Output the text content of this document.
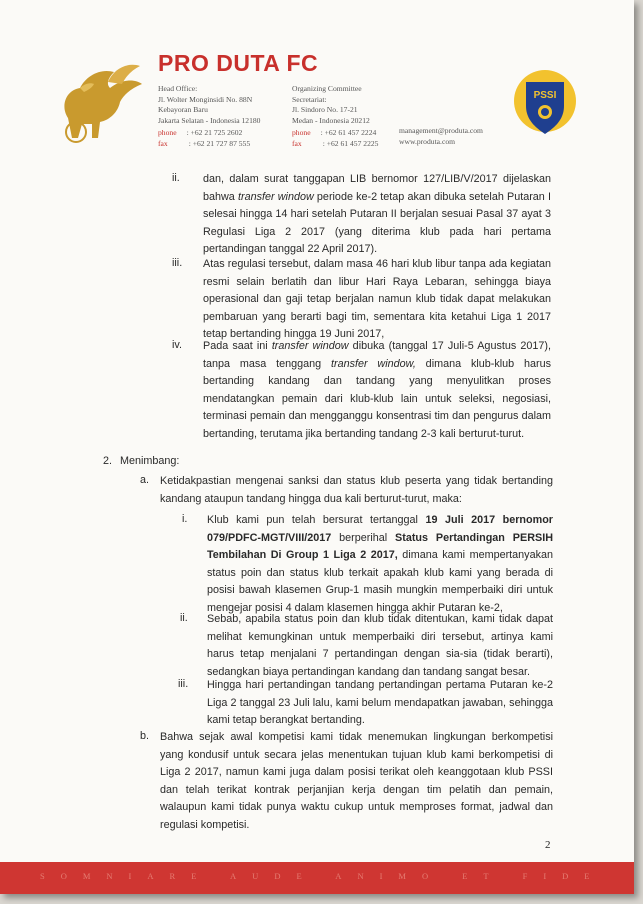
PRO DUTA FC
Head Office:
Jl. Wolter Monginsidi No. 88N
Kebayoran Baru
Jakarta Selatan - Indonesia 12180
phone : +62 21 725 2602
fax	: +62 21 727 87 555
Organizing Committee
Secretariat:
Jl. Sindoro No. 17-21
Medan - Indonesia 20212
phone : +62 61 457 2224
fax	: +62 61 457 2225
management@produta.com
www.produta.com
PSSI
ii. dan, dalam surat tanggapan LIB bernomor 127/LIB/V/2017 dijelaskan bahwa transfer window periode ke-2 tetap akan dibuka setelah Putaran I selesai hingga 14 hari setelah Putaran II berjalan sesuai Pasal 37 ayat 3 Regulasi Liga 2 2017 (yang diterima klub pada hari pertama pertandingan tanggal 22 April 2017).
iii. Atas regulasi tersebut, dalam masa 46 hari klub libur tanpa ada kegiatan resmi selain berlatih dan libur Hari Raya Lebaran, sehingga biaya operasional dan gaji tetap berjalan namun klub tidak dapat melakukan pembaruan yang berarti bagi tim, sementara kita ketahui Liga 1 2017 tetap bertanding hingga 19 Juni 2017,
iv. Pada saat ini transfer window dibuka (tanggal 17 Juli-5 Agustus 2017), tanpa masa tenggang transfer window, dimana klub-klub harus bertanding kandang dan tandang yang menyulitkan proses mendatangkan pemain dari klub-klub lain untuk seleksi, negosiasi, terminasi pemain dan mengganggu konsentrasi tim dan pengurus dalam bertanding, terutama jika bertanding tandang 2-3 kali berturut-turut.
2. Menimbang:
a. Ketidakpastian mengenai sanksi dan status klub peserta yang tidak bertanding kandang ataupun tandang hingga dua kali berturut-turut, maka:
i. Klub kami pun telah bersurat tertanggal 19 Juli 2017 bernomor 079/PDFC-MGT/VIII/2017 berperihal Status Pertandingan PERSIH Tembilahan Di Group 1 Liga 2 2017, dimana kami mempertanyakan status poin dan status klub terkait apakah klub kami yang berada di posisi bawah klasemen Grup-1 masih mungkin memperbaiki diri untuk mengejar posisi 4 dalam klasemen hingga akhir Putaran ke-2,
ii. Sebab, apabila status poin dan klub tidak ditentukan, kami tidak dapat melihat kemungkinan untuk memperbaiki diri tersebut, artinya kami harus tetap menjalani 7 pertandingan dengan sia-sia (tidak berarti), sedangkan biaya pertandingan kandang dan tandang sangat besar.
iii. Hingga hari pertandingan tandang pertandingan pertama Putaran ke-2 Liga 2 tanggal 23 Juli lalu, kami belum mendapatkan jawaban, sehingga kami tetap berangkat bertanding.
b. Bahwa sejak awal kompetisi kami tidak menemukan lingkungan berkompetisi yang kondusif untuk secara jelas menentukan tujuan klub kami berkompetisi di Liga 2 2017, namun kami juga dalam posisi terikat oleh keanggotaan klub PSSI dan telah terikat kontrak perjanjian kerja dengan tim pelatih dan pemain, walaupun kami tidak punya waktu cukup untuk memproses format, jadwal dan regulasi kompetisi.
2
SOMNIARE AUDE ANIMO ET FIDE
